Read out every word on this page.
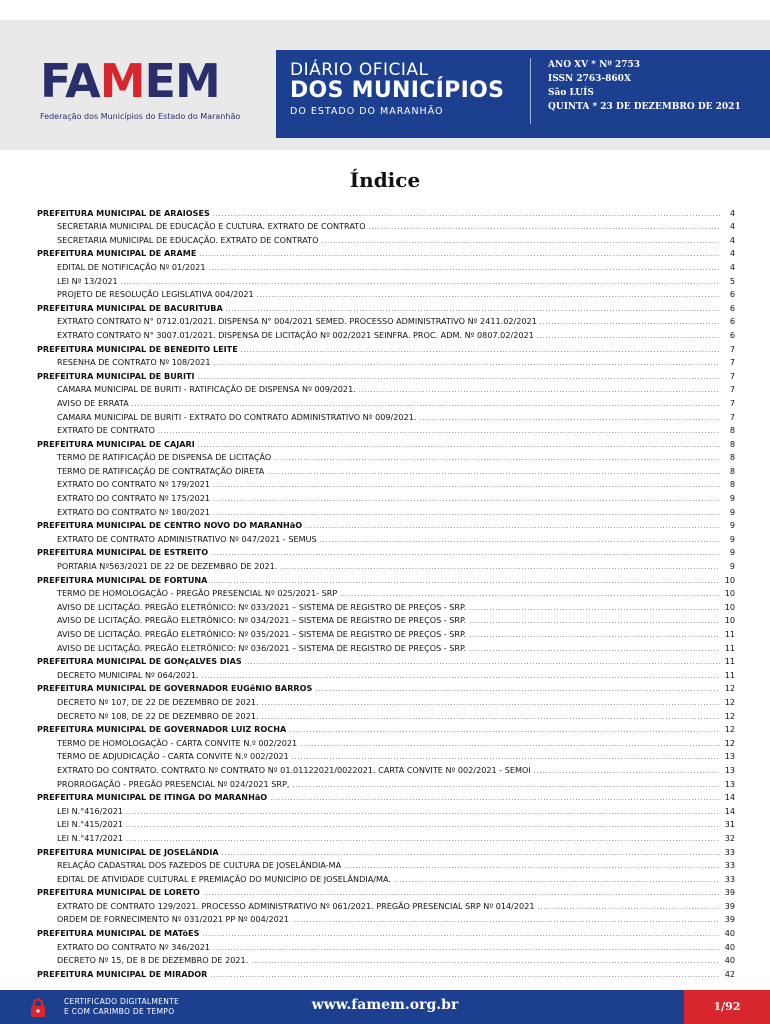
FAMEM
Federação dos Municípios do Estado do Maranhão
DIÁRIO OFICIAL
DOS MUNICÍPIOS
DO ESTADO DO MARANHÃO
ANO XV * Nº 2753
ISSN 2763-860X
São LUÍS
QUINTA * 23 DE DEZEMBRO DE 2021
Índice
PREFEITURA MUNICIPAL DE ARAIOSES .....	4
SECRETARIA MUNICIPAL DE EDUCAÇÃO E CULTURA. EXTRATO DE CONTRATO .....	4
SECRETARIA MUNICIPAL DE EDUCAÇÃO. EXTRATO DE CONTRATO .....	4
PREFEITURA MUNICIPAL DE ARAME .....	4
EDITAL DE NOTIFICAÇÃO Nº 01/2021 .....	4
LEI Nº 13/2021 .....	5
PROJETO DE RESOLUÇÃO LEGISLATIVA 004/2021 .....	6
PREFEITURA MUNICIPAL DE BACURITUBA .....	6
EXTRATO CONTRATO N° 0712.01/2021. DISPENSA N° 004/2021 SEMED. PROCESSO ADMINISTRATIVO Nº 2411.02/2021 .....	6
EXTRATO CONTRATO N° 3007.01/2021. DISPENSA DE LICITAÇÃO Nº 002/2021 SEINFRA. PROC. ADM. Nº 0807.02/2021 .....	6
PREFEITURA MUNICIPAL DE BENEDITO LEITE .....	7
RESENHA DE CONTRATO Nº 108/2021 .....	7
PREFEITURA MUNICIPAL DE BURITI .....	7
CAMARA MUNICIPAL DE BURITI - RATIFICAÇÃO DE DISPENSA Nº 009/2021. .....	7
AVISO DE ERRATA .....	7
CAMARA MUNICIPAL DE BURITI - EXTRATO DO CONTRATO ADMINISTRATIVO Nº 009/2021. .....	7
EXTRATO DE CONTRATO .....	8
PREFEITURA MUNICIPAL DE CAJARI .....	8
TERMO DE RATIFICAÇÃO DE DISPENSA DE LICITAÇÃO .....	8
TERMO DE RATIFICAÇÃO DE CONTRATAÇÃO DIRETA .....	8
EXTRATO DO CONTRATO Nº 179/2021 .....	8
EXTRATO DO CONTRATO Nº 175/2021 .....	9
EXTRATO DO CONTRATO Nº 180/2021 .....	9
PREFEITURA MUNICIPAL DE CENTRO NOVO DO MARANHãO .....	9
EXTRATO DE CONTRATO ADMINISTRATIVO Nº 047/2021 - SEMUS .....	9
PREFEITURA MUNICIPAL DE ESTREITO .....	9
PORTARIA Nº563/2021 DE 22 DE DEZEMBRO DE 2021. .....	9
PREFEITURA MUNICIPAL DE FORTUNA .....	10
TERMO DE HOMOLOGAÇÃO - PREGÃO PRESENCIAL Nº 025/2021- SRP .....	10
AVISO DE LICITAÇÃO. PREGÃO ELETRÔNICO: Nº 033/2021 – SISTEMA DE REGISTRO DE PREÇOS - SRP. .....	10
AVISO DE LICITAÇÃO. PREGÃO ELETRÔNICO: Nº 034/2021 – SISTEMA DE REGISTRO DE PREÇOS - SRP. .....	10
AVISO DE LICITAÇÃO. PREGÃO ELETRÔNICO: Nº 035/2021 – SISTEMA DE REGISTRO DE PREÇOS - SRP. .....	11
AVISO DE LICITAÇÃO. PREGÃO ELETRÔNICO: Nº 036/2021 – SISTEMA DE REGISTRO DE PREÇOS - SRP. .....	11
PREFEITURA MUNICIPAL DE GONçALVES DIAS .....	11
DECRETO MUNICIPAL Nº 064/2021. .....	11
PREFEITURA MUNICIPAL DE GOVERNADOR EUGêNIO BARROS .....	12
DECRETO Nº 107, DE 22 DE DEZEMBRO DE 2021. .....	12
DECRETO Nº 108, DE 22 DE DEZEMBRO DE 2021. .....	12
PREFEITURA MUNICIPAL DE GOVERNADOR LUIZ ROCHA .....	12
TERMO DE HOMOLOGAÇÃO - CARTA CONVITE N.º 002/2021 .....	12
TERMO DE ADJUDICAÇÃO - CARTA CONVITE N.º 002/2021 .....	13
EXTRATO DO CONTRATO. CONTRATO Nº CONTRATO Nº 01.01122021/0022021. CARTA CONVITE Nº 002/2021 - SEMOI .....	13
PRORROGAÇÃO - PREGÃO PRESENCIAL Nº 024/2021 SRP, .....	13
PREFEITURA MUNICIPAL DE ITINGA DO MARANHãO .....	14
LEI N.°416/2021 .....	14
LEI N.°415/2021 .....	31
LEI N.°417/2021 .....	32
PREFEITURA MUNICIPAL DE JOSELâNDIA .....	33
RELAÇÃO CADASTRAL DOS FAZEDOS DE CULTURA DE JOSELÂNDIA-MA .....	33
EDITAL DE ATIVIDADE CULTURAL E PREMIAÇÃO DO MUNICÍPIO DE JOSELÂNDIA/MA. .....	33
PREFEITURA MUNICIPAL DE LORETO .....	39
EXTRATO DE CONTRATO 129/2021. PROCESSO ADMINISTRATIVO Nº 061/2021. PREGÃO PRESENCIAL SRP Nº 014/2021 .....	39
ORDEM DE FORNECIMENTO Nº 031/2021 PP Nº 004/2021 .....	39
PREFEITURA MUNICIPAL DE MATõES .....	40
EXTRATO DO CONTRATO Nº 346/2021 .....	40
DECRETO Nº 15, DE 8 DE DEZEMBRO DE 2021. .....	40
PREFEITURA MUNICIPAL DE MIRADOR .....	42
CERTIFICADO DIGITALMENTE
E COM CARIMBO DE TEMPO	www.famem.org.br	1/92
